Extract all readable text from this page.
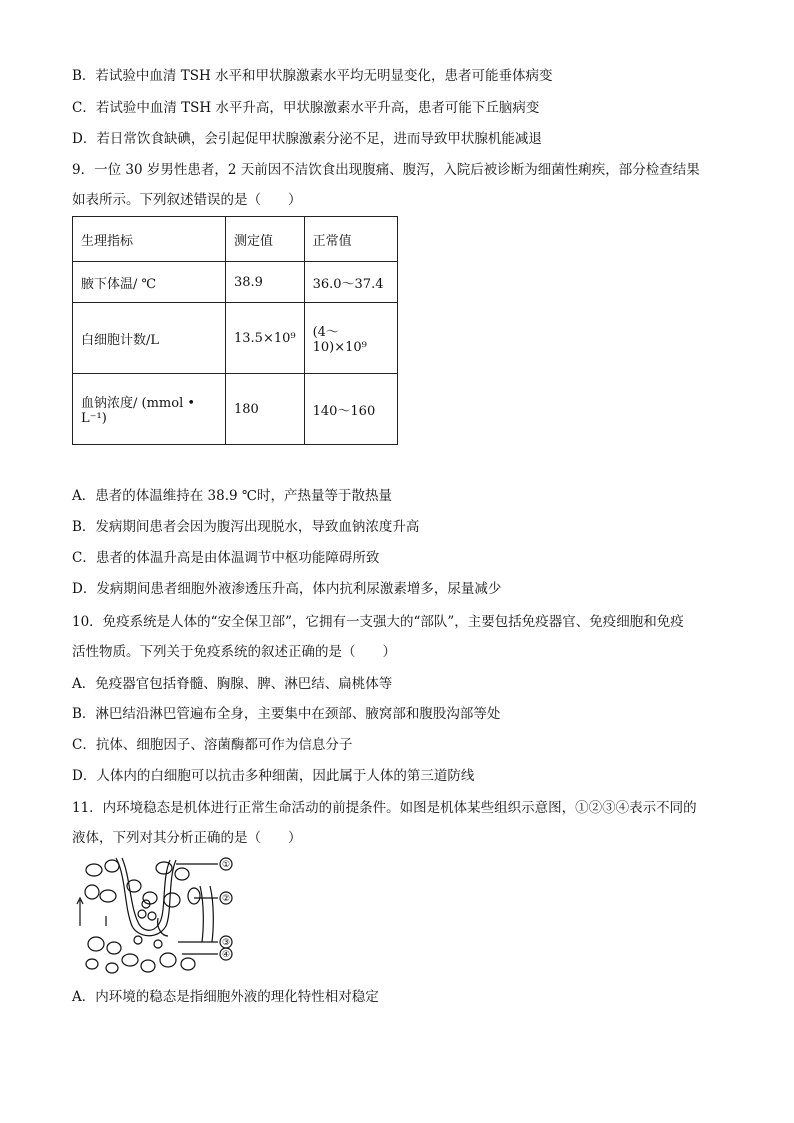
B．若试验中血清 TSH 水平和甲状腺激素水平均无明显变化，患者可能垂体病变
C．若试验中血清 TSH 水平升高，甲状腺激素水平升高，患者可能下丘脑病变
D．若日常饮食缺碘，会引起促甲状腺激素分泌不足，进而导致甲状腺机能减退
9．一位 30 岁男性患者，2 天前因不洁饮食出现腹痛、腹泻，入院后被诊断为细菌性痢疾，部分检查结果
如表所示。下列叙述错误的是（　　）
生理指标	测定值	正常值
腋下体温/ ℃	38.9	36.0～37.4
白细胞计数/L	13.5×10⁹	(4～10)×10⁹
血钠浓度/ (mmol • L⁻¹)	180	140～160
A．患者的体温维持在 38.9 ℃时，产热量等于散热量
B．发病期间患者会因为腹泻出现脱水，导致血钠浓度升高
C．患者的体温升高是由体温调节中枢功能障碍所致
D．发病期间患者细胞外液渗透压升高，体内抗利尿激素增多，尿量减少
10．免疫系统是人体的“安全保卫部”，它拥有一支强大的“部队”，主要包括免疫器官、免疫细胞和免疫
活性物质。下列关于免疫系统的叙述正确的是（　　）
A．免疫器官包括脊髓、胸腺、脾、淋巴结、扁桃体等
B．淋巴结沿淋巴管遍布全身，主要集中在颈部、腋窝部和腹股沟部等处
C．抗体、细胞因子、溶菌酶都可作为信息分子
D．人体内的白细胞可以抗击多种细菌，因此属于人体的第三道防线
11．内环境稳态是机体进行正常生命活动的前提条件。如图是机体某些组织示意图，①②③④表示不同的
液体，下列对其分析正确的是（　　）
①
②
③
④
A．内环境的稳态是指细胞外液的理化特性相对稳定
